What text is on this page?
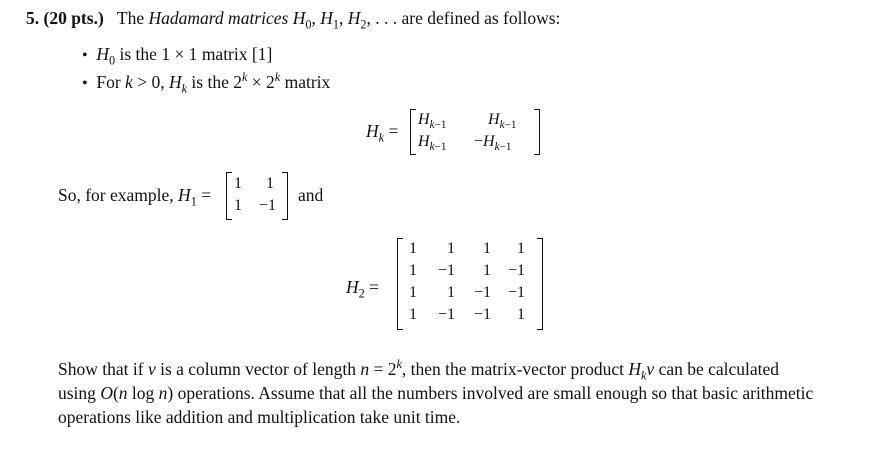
5. (20 pts.) The Hadamard matrices $H_0$, $H_1$, $H_2$, . . . are defined as follows:
• $H_0$ is the 1 × 1 matrix [1]
• For k > 0, $H_k$ is the $2^k \times 2^k$ matrix
$H_k$ =
$H_{k-1}$	$H_{k-1}$
$H_{k-1} -H_{k-1}$
So, for example, $H_1$ =
1 1
1 −1
and
$H_2$ =
1 1 1 1
1 −1 1 −1
1 1 −1 −1
1 −1 −1 1
Show that if v is a column vector of length $n = 2^k$, then the matrix-vector product $H_kv$ can be calculated
using O(n log n) operations. Assume that all the numbers involved are small enough so that basic arithmetic
operations like addition and multiplication take unit time.
